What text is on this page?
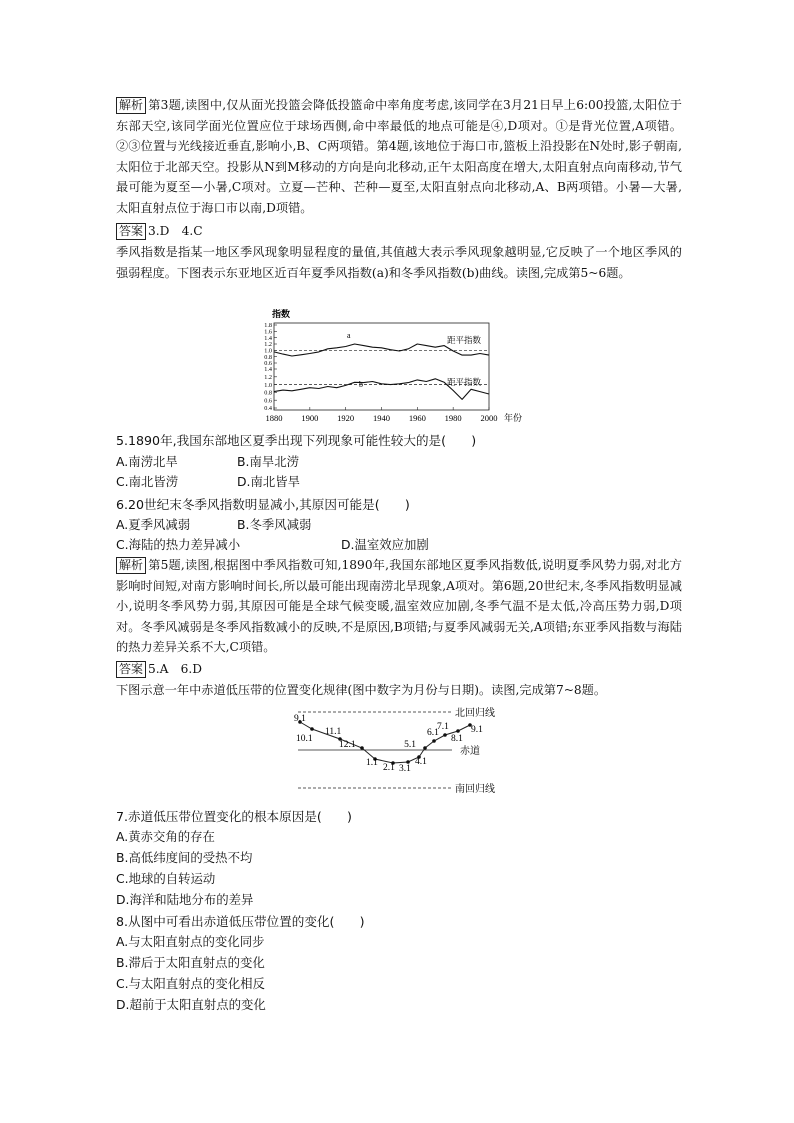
解析 第3题,读图中,仅从面光投篮会降低投篮命中率角度考虑,该同学在3月21日早上6:00投篮,太阳位于东部天空,该同学面光位置应位于球场西侧,命中率最低的地点可能是④,D项对。①是背光位置,A项错。②③位置与光线接近垂直,影响小,B、C两项错。第4题,该地位于海口市,篮板上沿投影在N处时,影子朝南,太阳位于北部天空。投影从N到M移动的方向是向北移动,正午太阳高度在增大,太阳直射点向南移动,节气最可能为夏至—小暑,C项对。立夏—芒种、芒种—夏至,太阳直射点向北移动,A、B两项错。小暑—大暑,太阳直射点位于海口市以南,D项错。

答案 3.D　4.C

季风指数是指某一地区季风现象明显程度的量值,其值越大表示季风现象越明显,它反映了一个地区季风的强弱程度。下图表示东亚地区近百年夏季风指数(a)和冬季风指数(b)曲线。读图,完成第5~6题。

指数
1.8
1.6
1.4
1.2
1.0
0.8
0.6
a	距平指数
1.4
1.2
1.0
0.8
0.6
0.4
b	距平指数
1880 1900 1920 1940 1960 1980 2000 年份
5.1890年,我国东部地区夏季出现下列现象可能性较大的是(　　)
A.南涝北旱	B.南旱北涝
C.南北皆涝	D.南北皆旱
6.20世纪末冬季风指数明显减小,其原因可能是(　　)
A.夏季风减弱	B.冬季风减弱
C.海陆的热力差异减小	D.温室效应加剧

解析 第5题,读图,根据图中季风指数可知,1890年,我国东部地区夏季风指数低,说明夏季风势力弱,对北方影响时间短,对南方影响时间长,所以最可能出现南涝北旱现象,A项对。第6题,20世纪末,冬季风指数明显减小,说明冬季风势力弱,其原因可能是全球气候变暖,温室效应加剧,冬季气温不是太低,冷高压势力弱,D项对。冬季风减弱是冬季风指数减小的反映,不是原因,B项错;与夏季风减弱无关,A项错;东亚季风指数与海陆的热力差异关系不大,C项错。

答案 5.A　6.D

下图示意一年中赤道低压带的位置变化规律(图中数字为月份与日期)。读图,完成第7~8题。

北回归线
赤道
南回归线
9.1
10.1
11.1
12.1
1.1 2.1 3.1
4.1
5.1
6.1
7.1
8.1
9.1
7.赤道低压带位置变化的根本原因是(　　)
A.黄赤交角的存在
B.高低纬度间的受热不均
C.地球的自转运动
D.海洋和陆地分布的差异
8.从图中可看出赤道低压带位置的变化(　　)
A.与太阳直射点的变化同步
B.滞后于太阳直射点的变化
C.与太阳直射点的变化相反
D.超前于太阳直射点的变化
